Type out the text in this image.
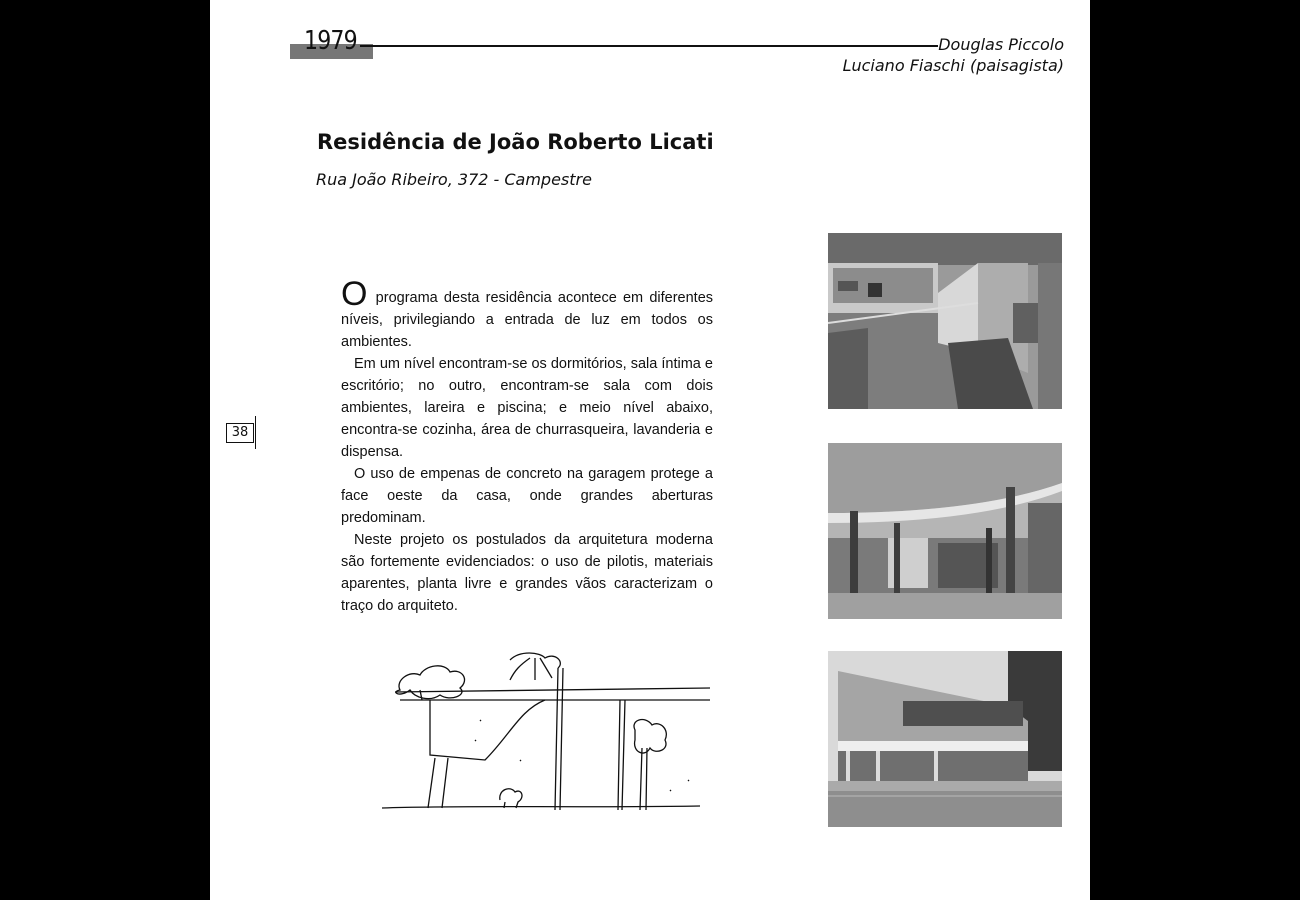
1979	Douglas Piccolo
Luciano Fiaschi (paisagista)
Residência de João Roberto Licati
Rua João Ribeiro, 372 - Campestre
38

O programa desta residência acontece em diferentes níveis, privilegiando a entrada de luz em todos os ambientes.

Em um nível encontram-se os dormitórios, sala íntima e escritório; no outro, encontram-se sala com dois ambientes, lareira e piscina; e meio nível abaixo, encontra-se cozinha, área de churrasqueira, lavanderia e dispensa.

O uso de empenas de concreto na garagem protege a face oeste da casa, onde grandes aberturas predominam.

Neste projeto os postulados da arquitetura moderna são fortemente evidenciados: o uso de pilotis, materiais aparentes, planta livre e grandes vãos caracterizam o traço do arquiteto.
